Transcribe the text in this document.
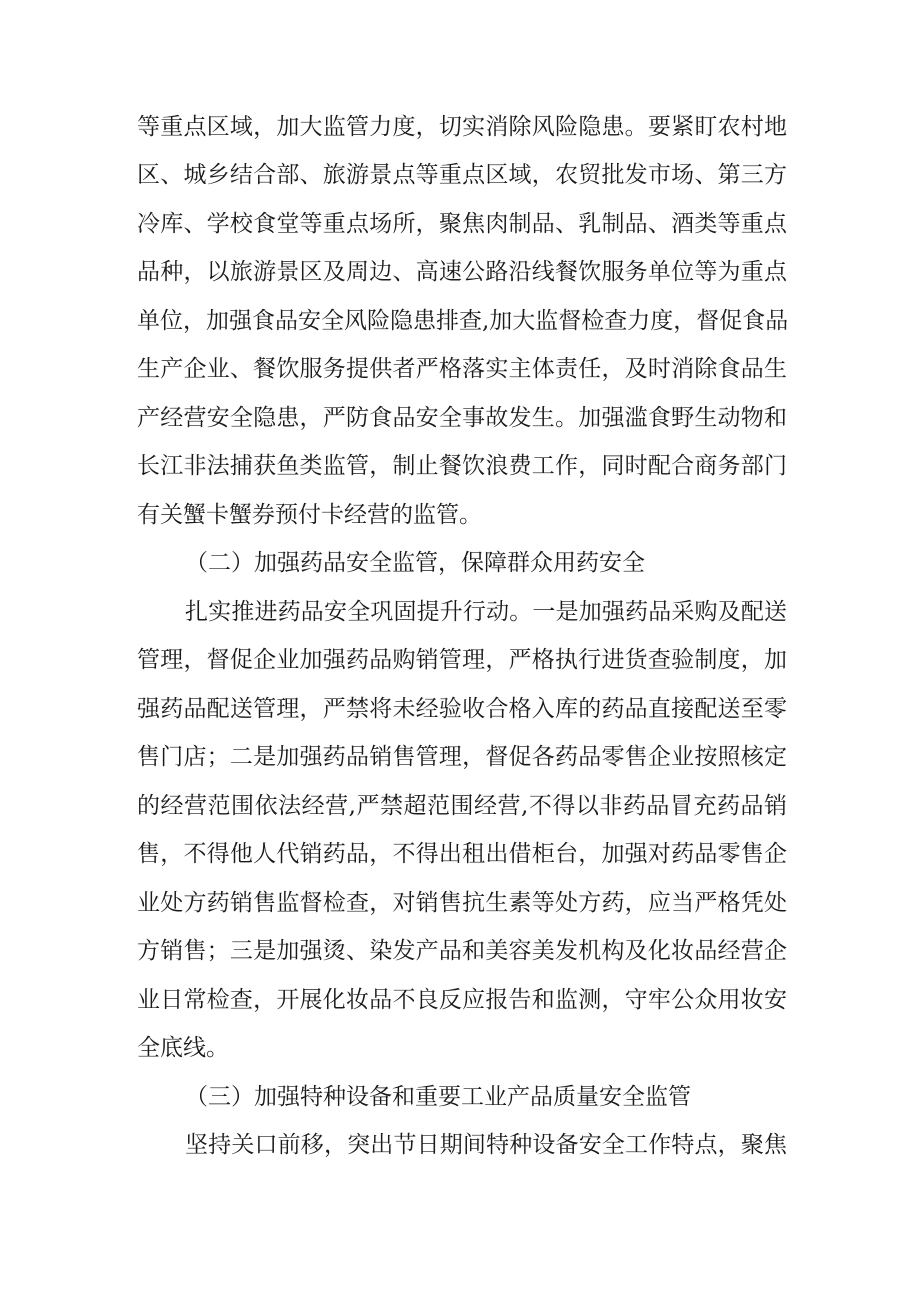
等重点区域，加大监管力度，切实消除风险隐患。要紧盯农村地
区、城乡结合部、旅游景点等重点区域，农贸批发市场、第三方
冷库、学校食堂等重点场所，聚焦肉制品、乳制品、酒类等重点
品种，以旅游景区及周边、高速公路沿线餐饮服务单位等为重点
单位，加强食品安全风险隐患排查,加大监督检查力度，督促食品
生产企业、餐饮服务提供者严格落实主体责任，及时消除食品生
产经营安全隐患，严防食品安全事故发生。加强滥食野生动物和
长江非法捕获鱼类监管，制止餐饮浪费工作，同时配合商务部门
有关蟹卡蟹券预付卡经营的监管。
（二）加强药品安全监管，保障群众用药安全
扎实推进药品安全巩固提升行动。一是加强药品采购及配送
管理，督促企业加强药品购销管理，严格执行进货查验制度，加
强药品配送管理，严禁将未经验收合格入库的药品直接配送至零
售门店；二是加强药品销售管理，督促各药品零售企业按照核定
的经营范围依法经营,严禁超范围经营,不得以非药品冒充药品销
售，不得他人代销药品，不得出租出借柜台，加强对药品零售企
业处方药销售监督检查，对销售抗生素等处方药，应当严格凭处
方销售；三是加强烫、染发产品和美容美发机构及化妆品经营企
业日常检查，开展化妆品不良反应报告和监测，守牢公众用妆安
全底线。
（三）加强特种设备和重要工业产品质量安全监管
坚持关口前移，突出节日期间特种设备安全工作特点，聚焦
